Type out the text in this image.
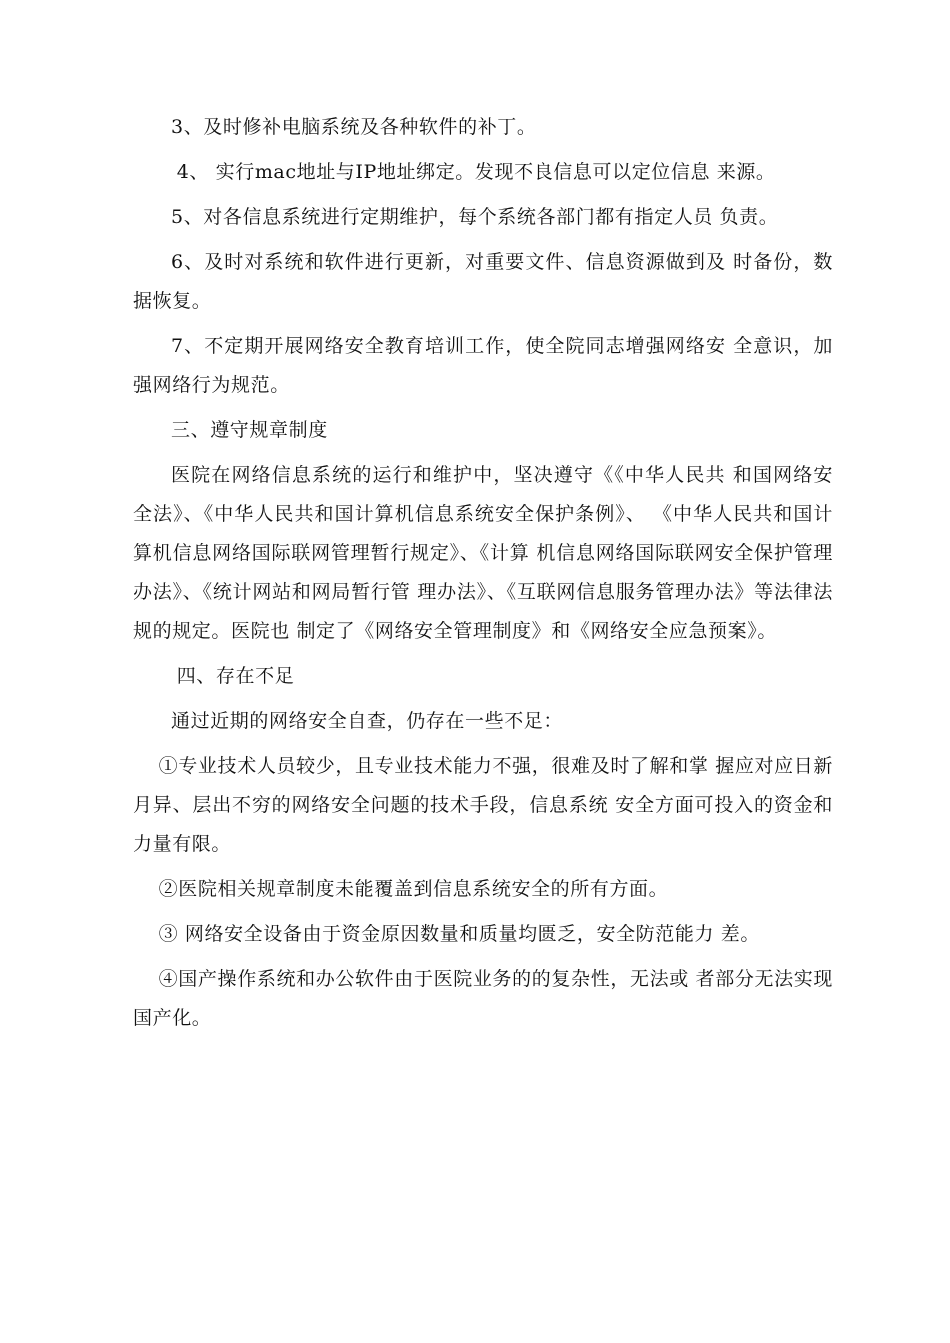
3、及时修补电脑系统及各种软件的补丁。

4、 实行mac地址与IP地址绑定。发现不良信息可以定位信息 来源。

5、对各信息系统进行定期维护，每个系统各部门都有指定人员 负责。

6、及时对系统和软件进行更新，对重要文件、信息资源做到及 时备份，数据恢复。

7、不定期开展网络安全教育培训工作，使全院同志增强网络安 全意识，加强网络行为规范。

三、遵守规章制度

医院在网络信息系统的运行和维护中，坚决遵守《《中华人民共 和国网络安全法》、《中华人民共和国计算机信息系统安全保护条例》、 《中华人民共和国计算机信息网络国际联网管理暂行规定》、《计算 机信息网络国际联网安全保护管理办法》、《统计网站和网局暂行管 理办法》、《互联网信息服务管理办法》等法律法规的规定。医院也 制定了《网络安全管理制度》和《网络安全应急预案》。

四、存在不足

通过近期的网络安全自查，仍存在一些不足：

①专业技术人员较少，且专业技术能力不强，很难及时了解和掌 握应对应日新月异、层出不穷的网络安全问题的技术手段，信息系统 安全方面可投入的资金和力量有限。

②医院相关规章制度未能覆盖到信息系统安全的所有方面。

③ 网络安全设备由于资金原因数量和质量均匮乏，安全防范能力 差。

④国产操作系统和办公软件由于医院业务的的复杂性，无法或 者部分无法实现国产化。
